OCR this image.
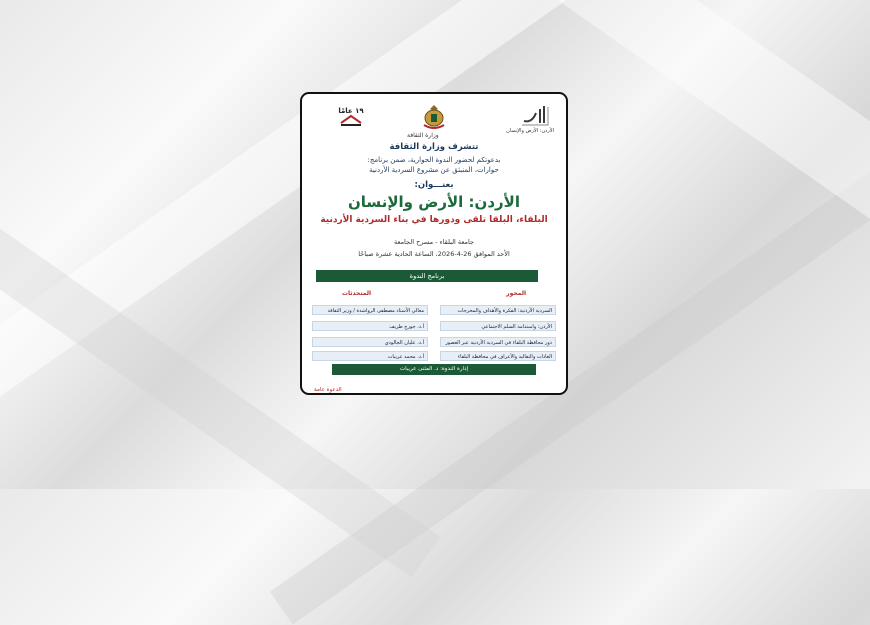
١٩ عامًا
وزارة الثقافة
الأردن: الأرض والإنسان
تتشرف وزارة الثقافة
بدعوتكم لحضور الندوة الحوارية، ضمن برنامج:
حوارات، المنبثق عن مشروع السردية الأردنية
بعنـــوان:
الأردن: الأرض والإنسان
البلقاء، البلقا تلقى ودورها في بناء السردية الأردنية
جامعة البلقاء - مسرح الجامعة
الأحد الموافق 26-4-2026، الساعة الحادية عشرة صباحًا
برنامج الندوة
المحور
المتحدثات
السردية الأردنية: الفكرة والأهداف والمخرجات
الأردن: واستدامة السلم الاجتماعي
دور محافظة البلقاء في السردية الأردنية عبر العصور
العادات والتقاليد والأعراف في محافظة البلقاء
معالي الأستاذ مصطفى الرواشدة / وزير الثقافة
أ.د. جورج طريف
أ.د. عليان الجالودي
أ.د. محمد عريبات
إدارة الندوة: د. المثنى عريبات
الدعوة عامة
